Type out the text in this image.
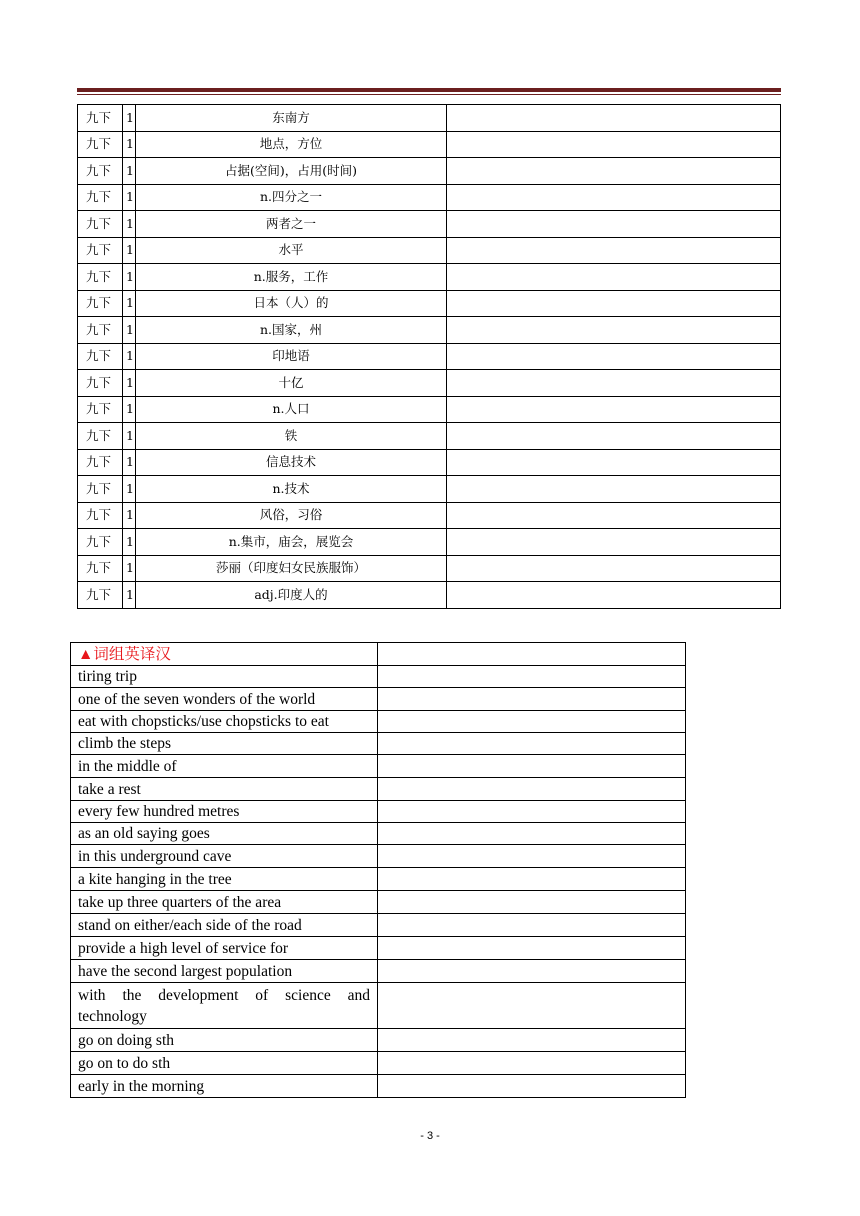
九下	1	东南方	
九下	1	地点，方位	
九下	1	占据(空间)，占用(时间)	
九下	1	n.四分之一	
九下	1	两者之一	
九下	1	水平	
九下	1	n.服务，工作	
九下	1	日本（人）的	
九下	1	n.国家，州	
九下	1	印地语	
九下	1	十亿	
九下	1	n.人口	
九下	1	铁	
九下	1	信息技术	
九下	1	n.技术	
九下	1	风俗，习俗	
九下	1	n.集市，庙会，展览会	
九下	1	莎丽（印度妇女民族服饰）	
九下	1	adj.印度人的	
▲词组英译汉	
tiring trip	
one of the seven wonders of the world	
eat with chopsticks/use chopsticks to eat	
climb the steps	
in the middle of	
take a rest	
every few hundred metres	
as an old saying goes	
in this underground cave	
a kite hanging in the tree	
take up three quarters of the area	
stand on either/each side of the road	
provide a high level of service for	
have the second largest population	
with the development of science and technology	
go on doing sth	
go on to do sth	
early in the morning	
- 3 -
